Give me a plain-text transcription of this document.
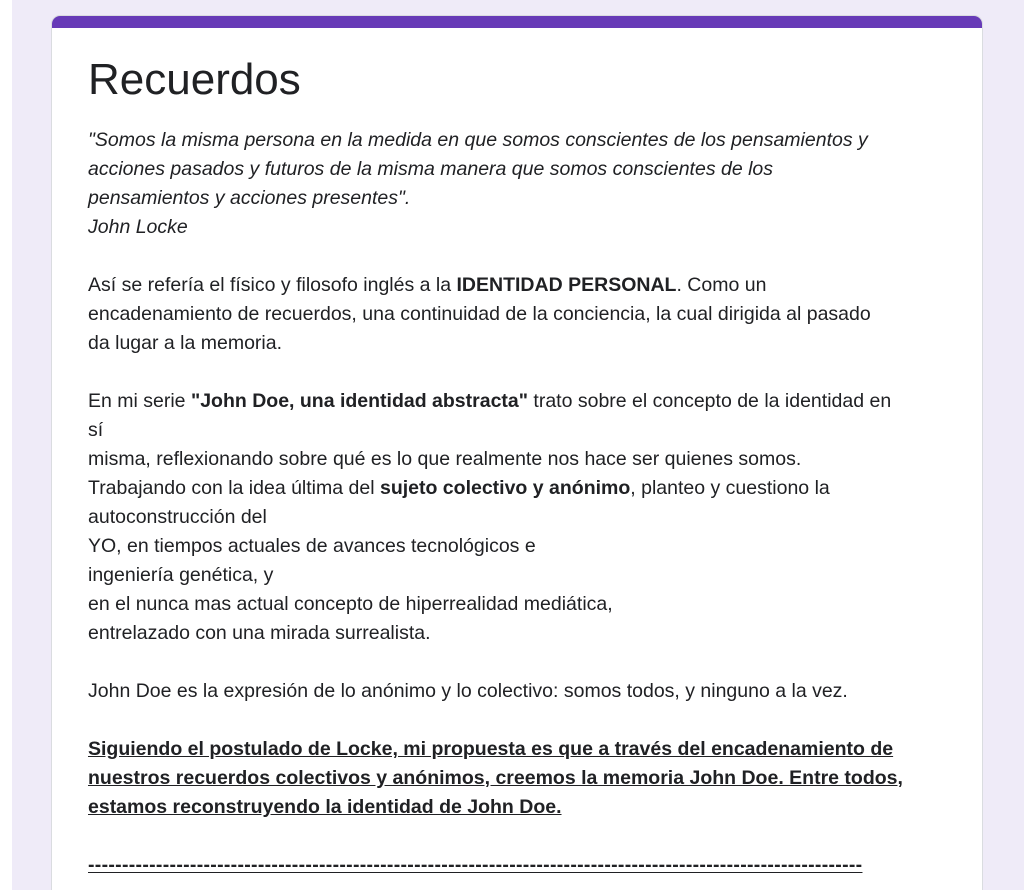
Recuerdos

"Somos la misma persona en la medida en que somos conscientes de los pensamientos y

acciones pasados y futuros de la misma manera que somos conscientes de los

pensamientos y acciones presentes".

John Locke

Así se refería el físico y filosofo inglés a la IDENTIDAD PERSONAL. Como un

encadenamiento de recuerdos, una continuidad de la conciencia, la cual dirigida al pasado

da lugar a la memoria.

En mi serie "John Doe, una identidad abstracta" trato sobre el concepto de la identidad en

sí

misma, reflexionando sobre qué es lo que realmente nos hace ser quienes somos.

Trabajando con la idea última del sujeto colectivo y anónimo, planteo y cuestiono la

autoconstrucción del

YO, en tiempos actuales de avances tecnológicos e

ingeniería genética, y

en el nunca mas actual concepto de hiperrealidad mediática,

entrelazado con una mirada surrealista.

John Doe es la expresión de lo anónimo y lo colectivo: somos todos, y ninguno a la vez.

Siguiendo el postulado de Locke, mi propuesta es que a través del encadenamiento de

nuestros recuerdos colectivos y anónimos, creemos la memoria John Doe. Entre todos,

estamos reconstruyendo la identidad de John Doe.

------------------------------------------------------------------------------------------------------------------
